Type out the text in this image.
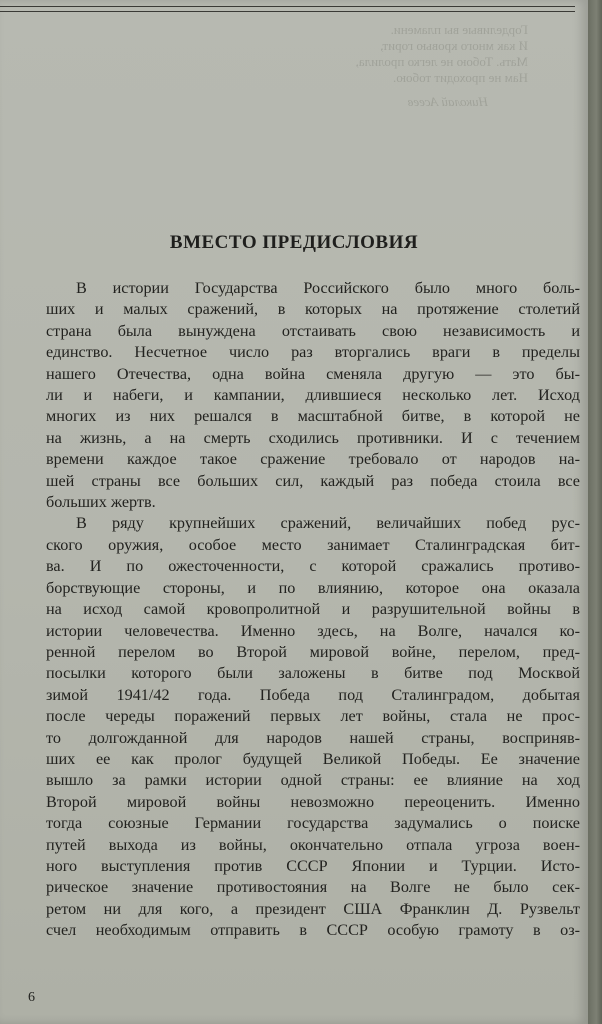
Горделивые вы пламени.
И как много кровью горит,
Мать. Тобою не легко пролила,
Нам не проходит тобою.
Николай Асеев
ВМЕСТО ПРЕДИСЛОВИЯ
В истории Государства Российского было много боль-
ших и малых сражений, в которых на протяжение столетий
страна была вынуждена отстаивать свою независимость и
единство. Несчетное число раз вторгались враги в пределы
нашего Отечества, одна война сменяла другую — это бы-
ли и набеги, и кампании, длившиеся несколько лет. Исход
многих из них решался в масштабной битве, в которой не
на жизнь, а на смерть сходились противники. И с течением
времени каждое такое сражение требовало от народов на-
шей страны все больших сил, каждый раз победа стоила все
больших жертв.
В ряду крупнейших сражений, величайших побед рус-
ского оружия, особое место занимает Сталинградская бит-
ва. И по ожесточенности, с которой сражались противо-
борствующие стороны, и по влиянию, которое она оказала
на исход самой кровопролитной и разрушительной войны в
истории человечества. Именно здесь, на Волге, начался ко-
ренной перелом во Второй мировой войне, перелом, пред-
посылки которого были заложены в битве под Москвой
зимой 1941/42 года. Победа под Сталинградом, добытая
после череды поражений первых лет войны, стала не прос-
то долгожданной для народов нашей страны, восприняв-
ших ее как пролог будущей Великой Победы. Ее значение
вышло за рамки истории одной страны: ее влияние на ход
Второй мировой войны невозможно переоценить. Именно
тогда союзные Германии государства задумались о поиске
путей выхода из войны, окончательно отпала угроза воен-
ного выступления против СССР Японии и Турции. Исто-
рическое значение противостояния на Волге не было сек-
ретом ни для кого, а президент США Франклин Д. Рузвельт
счел необходимым отправить в СССР особую грамоту в оз-
6
